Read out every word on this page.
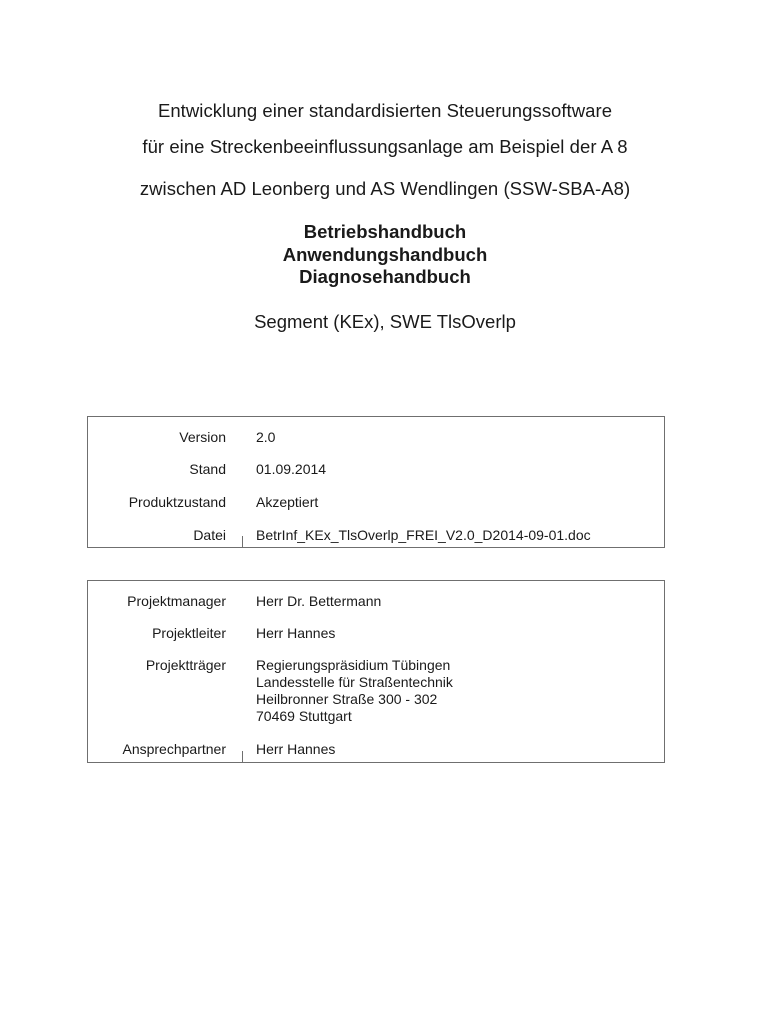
Entwicklung einer standardisierten Steuerungssoftware
für eine Streckenbeeinflussungsanlage am Beispiel der A 8
zwischen AD Leonberg und AS Wendlingen (SSW-SBA-A8)
Betriebshandbuch
Anwendungshandbuch
Diagnosehandbuch
Segment (KEx), SWE TlsOverlp
Version 2.0
Stand 01.09.2014
Produktzustand Akzeptiert
Datei BetrInf_KEx_TlsOverlp_FREI_V2.0_D2014-09-01.doc
Projektmanager Herr Dr. Bettermann
Projektleiter Herr Hannes
Projektträger Regierungspräsidium Tübingen
Landesstelle für Straßentechnik
Heilbronner Straße 300 - 302
70469 Stuttgart
Ansprechpartner Herr Hannes
